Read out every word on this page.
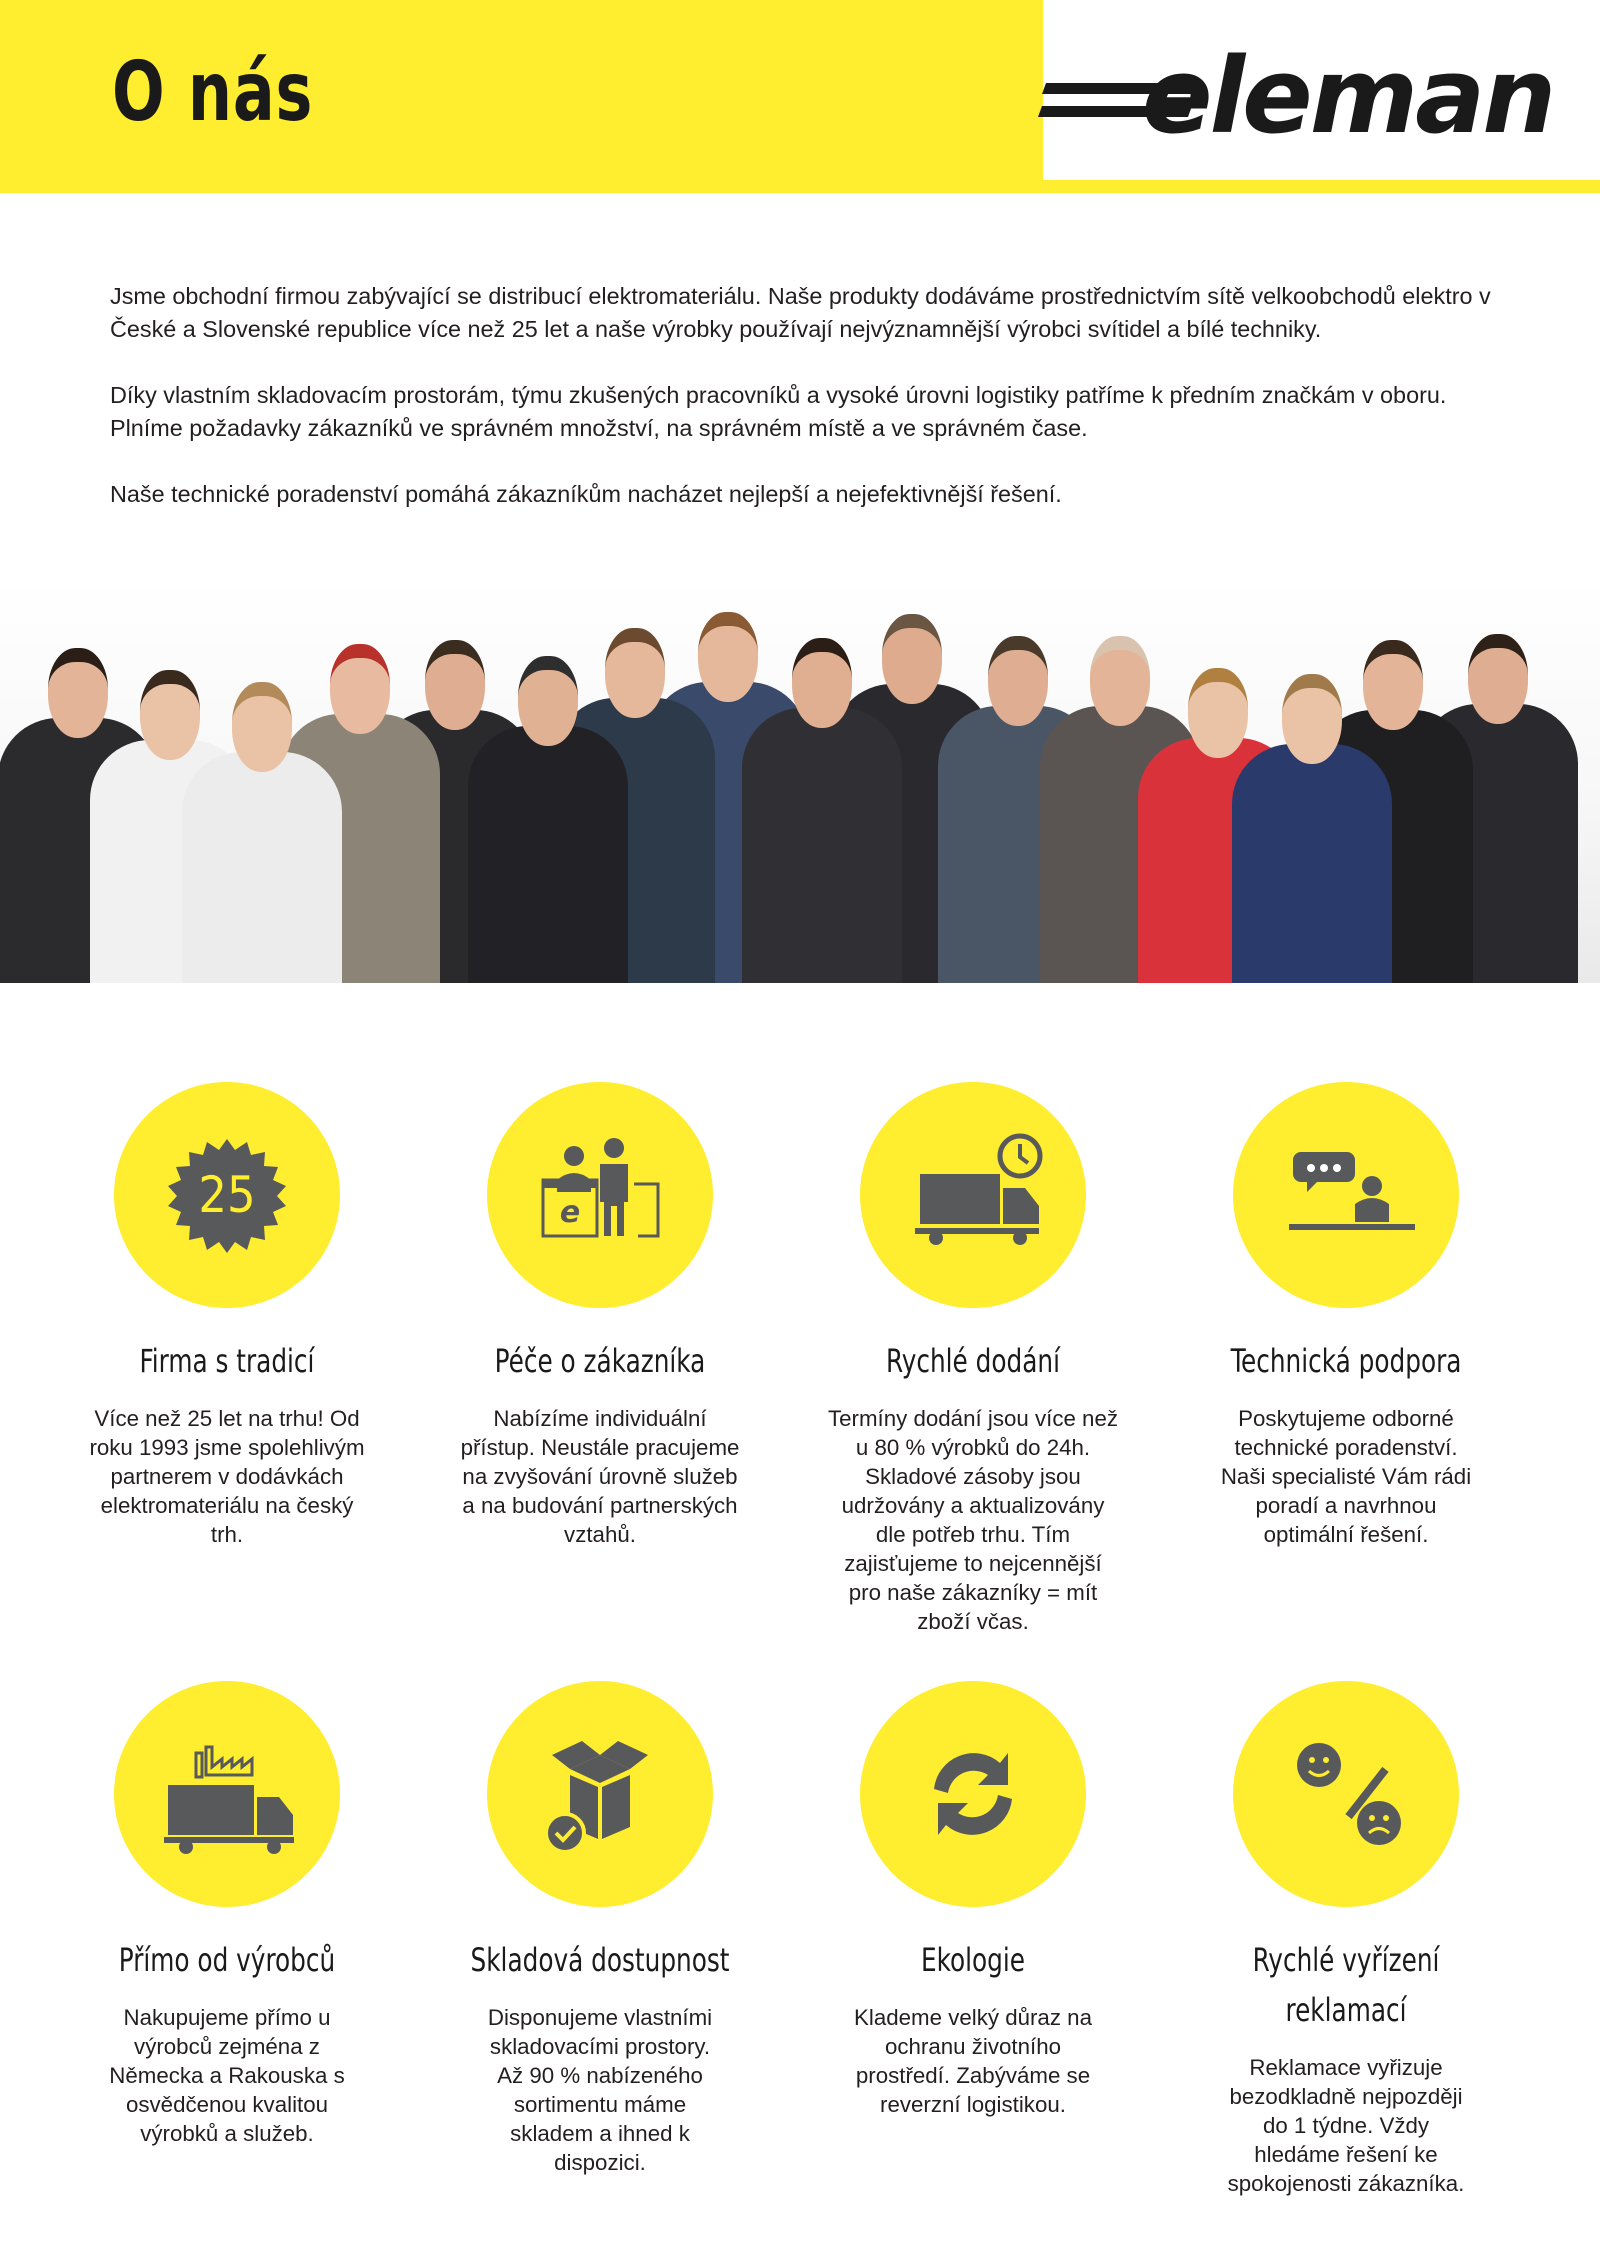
O nás	eleman

Jsme obchodní firmou zabývající se distribucí elektromateriálu. Naše produkty dodáváme prostřednictvím sítě velkoobchodů elektro v České a Slovenské republice více než 25 let a naše výrobky používají nejvýznamnější výrobci svítidel a bílé techniky.

Díky vlastním skladovacím prostorám, týmu zkušených pracovníků a vysoké úrovni logistiky patříme k předním značkám v oboru. Plníme požadavky zákazníků ve správném množství, na správném místě a ve správném čase.

Naše technické poradenství pomáhá zákazníkům nacházet nejlepší a nejefektivnější řešení.

25
Firma s tradicí
Více než 25 let na trhu! Od roku 1993 jsme spolehlivým partnerem v dodávkách elektromateriálu na český trh.
e
Péče o zákazníka
Nabízíme individuální přístup. Neustále pracujeme na zvyšování úrovně služeb a na budování partnerských vztahů.
Rychlé dodání
Termíny dodání jsou více než u 80 % výrobků do 24h. Skladové zásoby jsou udržovány a aktualizovány dle potřeb trhu. Tím zajisťujeme to nejcennější pro naše zákazníky = mít zboží včas.
Technická podpora
Poskytujeme odborné technické poradenství. Naši specialisté Vám rádi poradí a navrhnou optimální řešení.
Přímo od výrobců
Nakupujeme přímo u výrobců zejména z Německa a Rakouska s osvědčenou kvalitou výrobků a služeb.
Skladová dostupnost
Disponujeme vlastními skladovacími prostory. Až 90 % nabízeného sortimentu máme skladem a ihned k dispozici.
Ekologie
Klademe velký důraz na ochranu životního prostředí. Zabýváme se reverzní logistikou.
Rychlé vyřízení reklamací
Reklamace vyřizuje bezodkladně nejpozději do 1 týdne. Vždy hledáme řešení ke spokojenosti zákazníka.
